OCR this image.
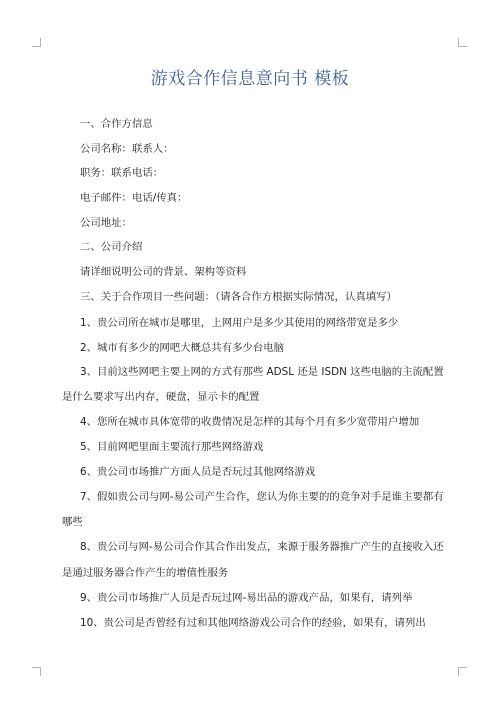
游戏合作信息意向书 模板
一、合作方信息
公司名称：联系人：
职务：联系电话：
电子邮件：电话/传真：
公司地址：
二、公司介绍
请详细说明公司的背景、架构等资料
三、关于合作项目一些问题：（请各合作方根据实际情况，认真填写）
1、贵公司所在城市是哪里，上网用户是多少其使用的网络带宽是多少
2、城市有多少的网吧大概总共有多少台电脑
3、目前这些网吧主要上网的方式有那些 ADSL 还是 ISDN 这些电脑的主流配置
是什么要求写出内存，硬盘，显示卡的配置
4、您所在城市具体宽带的收费情况是怎样的其每个月有多少宽带用户增加
5、目前网吧里面主要流行那些网络游戏
6、贵公司市场推广方面人员是否玩过其他网络游戏
7、假如贵公司与网-易公司产生合作，您认为你主要的的竞争对手是谁主要都有
哪些
8、贵公司与网-易公司合作其合作出发点，来源于服务器推广产生的直接收入还
是通过服务器合作产生的增值性服务
9、贵公司市场推广人员是否玩过网-易出品的游戏产品，如果有，请列举
10、贵公司是否曾经有过和其他网络游戏公司合作的经验，如果有，请列出
